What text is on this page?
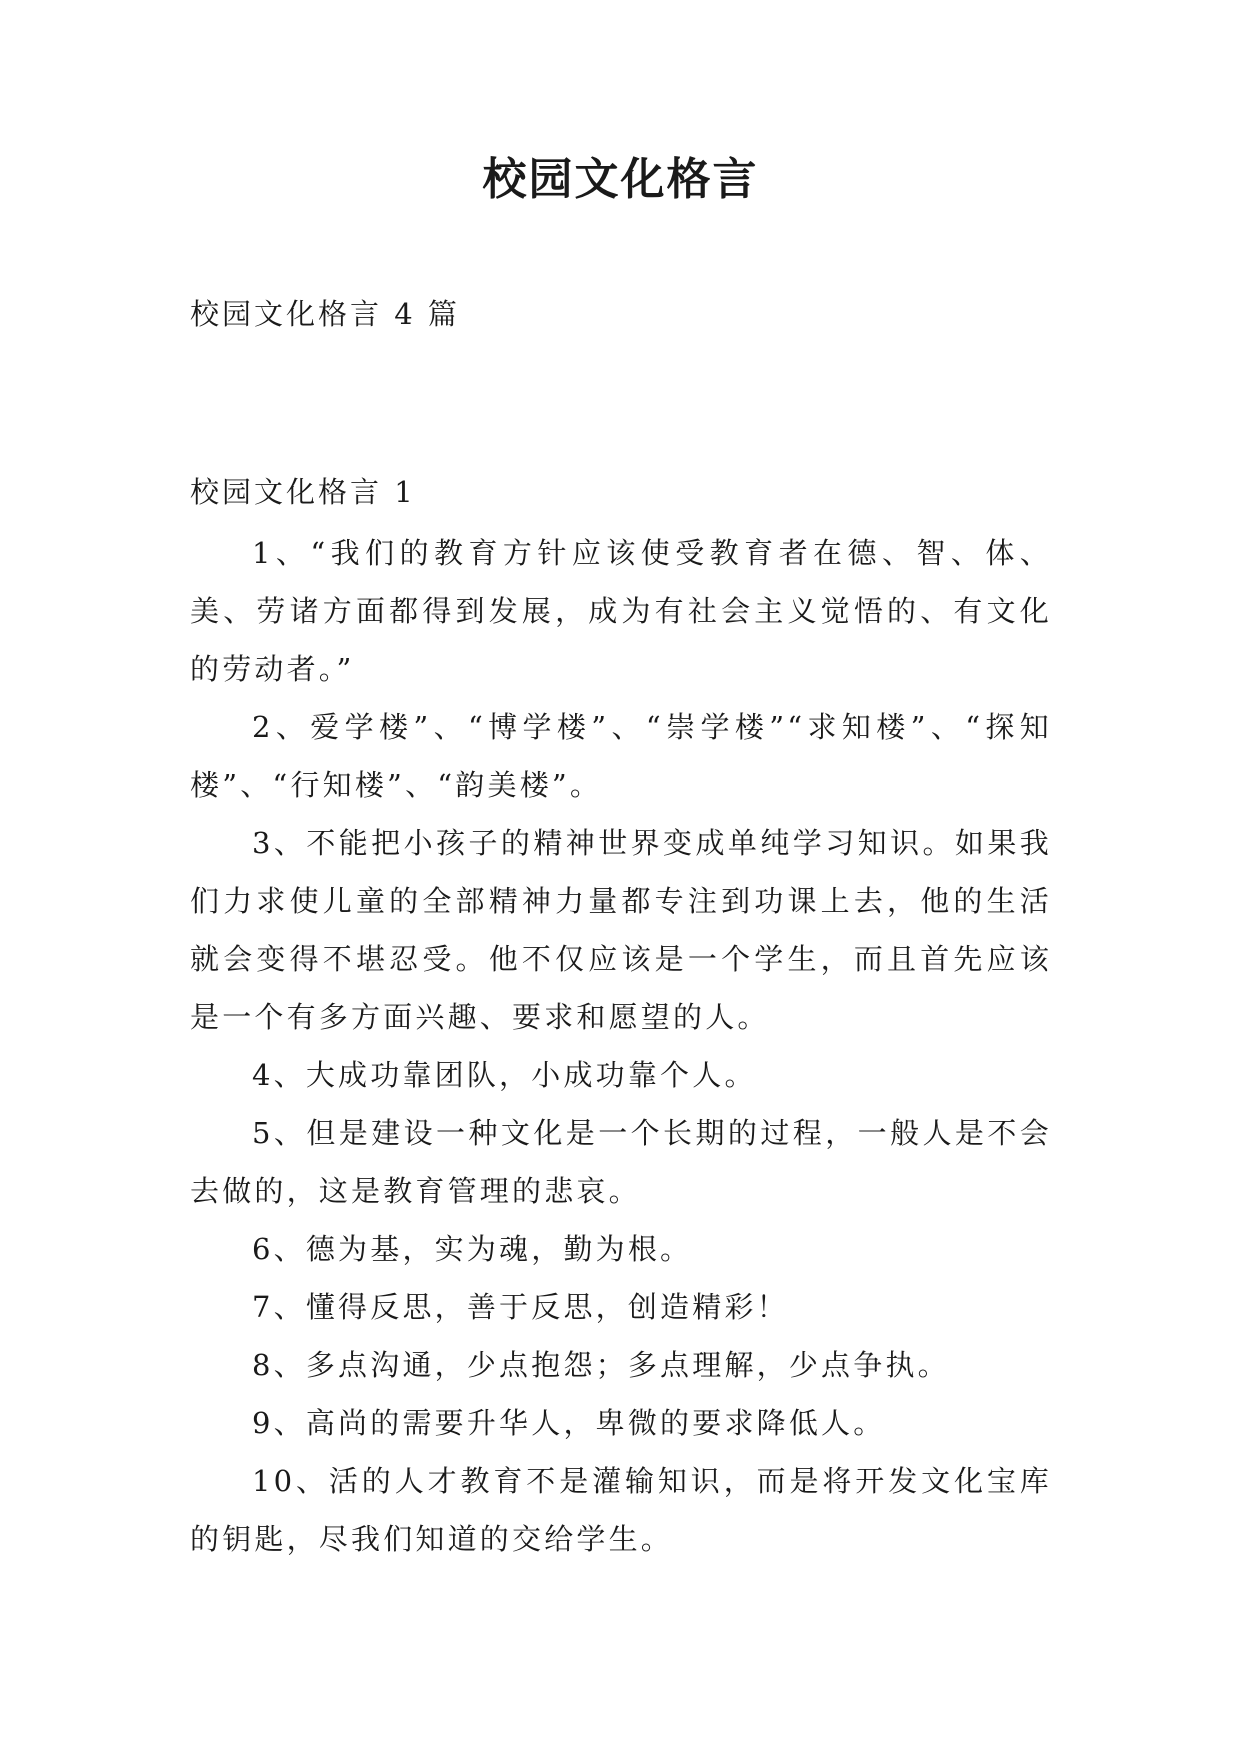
校园文化格言
校园文化格言 4 篇
校园文化格言 1

1、“我们的教育方针应该使受教育者在德、智、体、美、劳诸方面都得到发展，成为有社会主义觉悟的、有文化的劳动者。”

2、爱学楼”、“博学楼”、“崇学楼”“求知楼”、“探知楼”、“行知楼”、“韵美楼”。

3、不能把小孩子的精神世界变成单纯学习知识。如果我们力求使儿童的全部精神力量都专注到功课上去，他的生活就会变得不堪忍受。他不仅应该是一个学生，而且首先应该是一个有多方面兴趣、要求和愿望的人。

4、大成功靠团队，小成功靠个人。

5、但是建设一种文化是一个长期的过程，一般人是不会去做的，这是教育管理的悲哀。

6、德为基，实为魂，勤为根。

7、懂得反思，善于反思，创造精彩！

8、多点沟通，少点抱怨；多点理解，少点争执。

9、高尚的需要升华人，卑微的要求降低人。

10、活的人才教育不是灌输知识，而是将开发文化宝库的钥匙，尽我们知道的交给学生。
